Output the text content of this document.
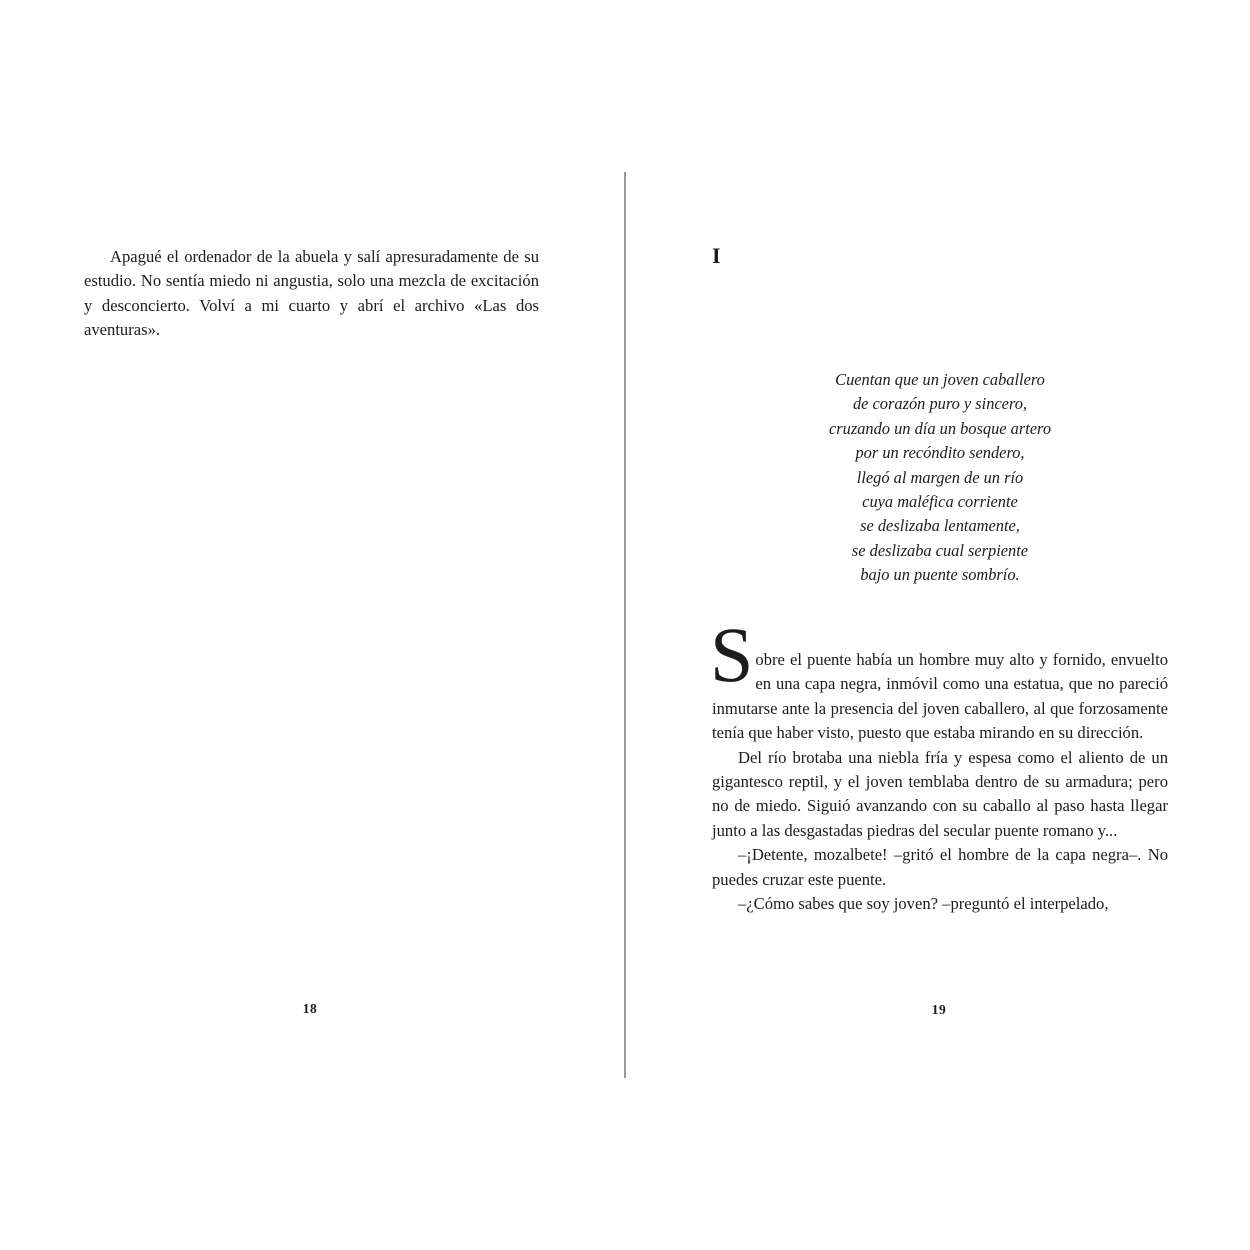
Apagué el ordenador de la abuela y salí apresuradamente de su estudio. No sentía miedo ni angustia, solo una mezcla de excitación y desconcierto. Volví a mi cuarto y abrí el archivo «Las dos aventuras».

18
I
Cuentan que un joven caballero
de corazón puro y sincero,
cruzando un día un bosque artero
por un recóndito sendero,
llegó al margen de un río
cuya maléfica corriente
se deslizaba lentamente,
se deslizaba cual serpiente
bajo un puente sombrío.

Sobre el puente había un hombre muy alto y fornido, envuelto en una capa negra, inmóvil como una estatua, que no pareció inmutarse ante la presencia del joven caballero, al que forzosamente tenía que haber visto, puesto que estaba mirando en su dirección.

Del río brotaba una niebla fría y espesa como el aliento de un gigantesco reptil, y el joven temblaba dentro de su armadura; pero no de miedo. Siguió avanzando con su caballo al paso hasta llegar junto a las desgastadas piedras del secular puente romano y...

–¡Detente, mozalbete! –gritó el hombre de la capa negra–. No puedes cruzar este puente.

–¿Cómo sabes que soy joven? –preguntó el interpelado,

19
